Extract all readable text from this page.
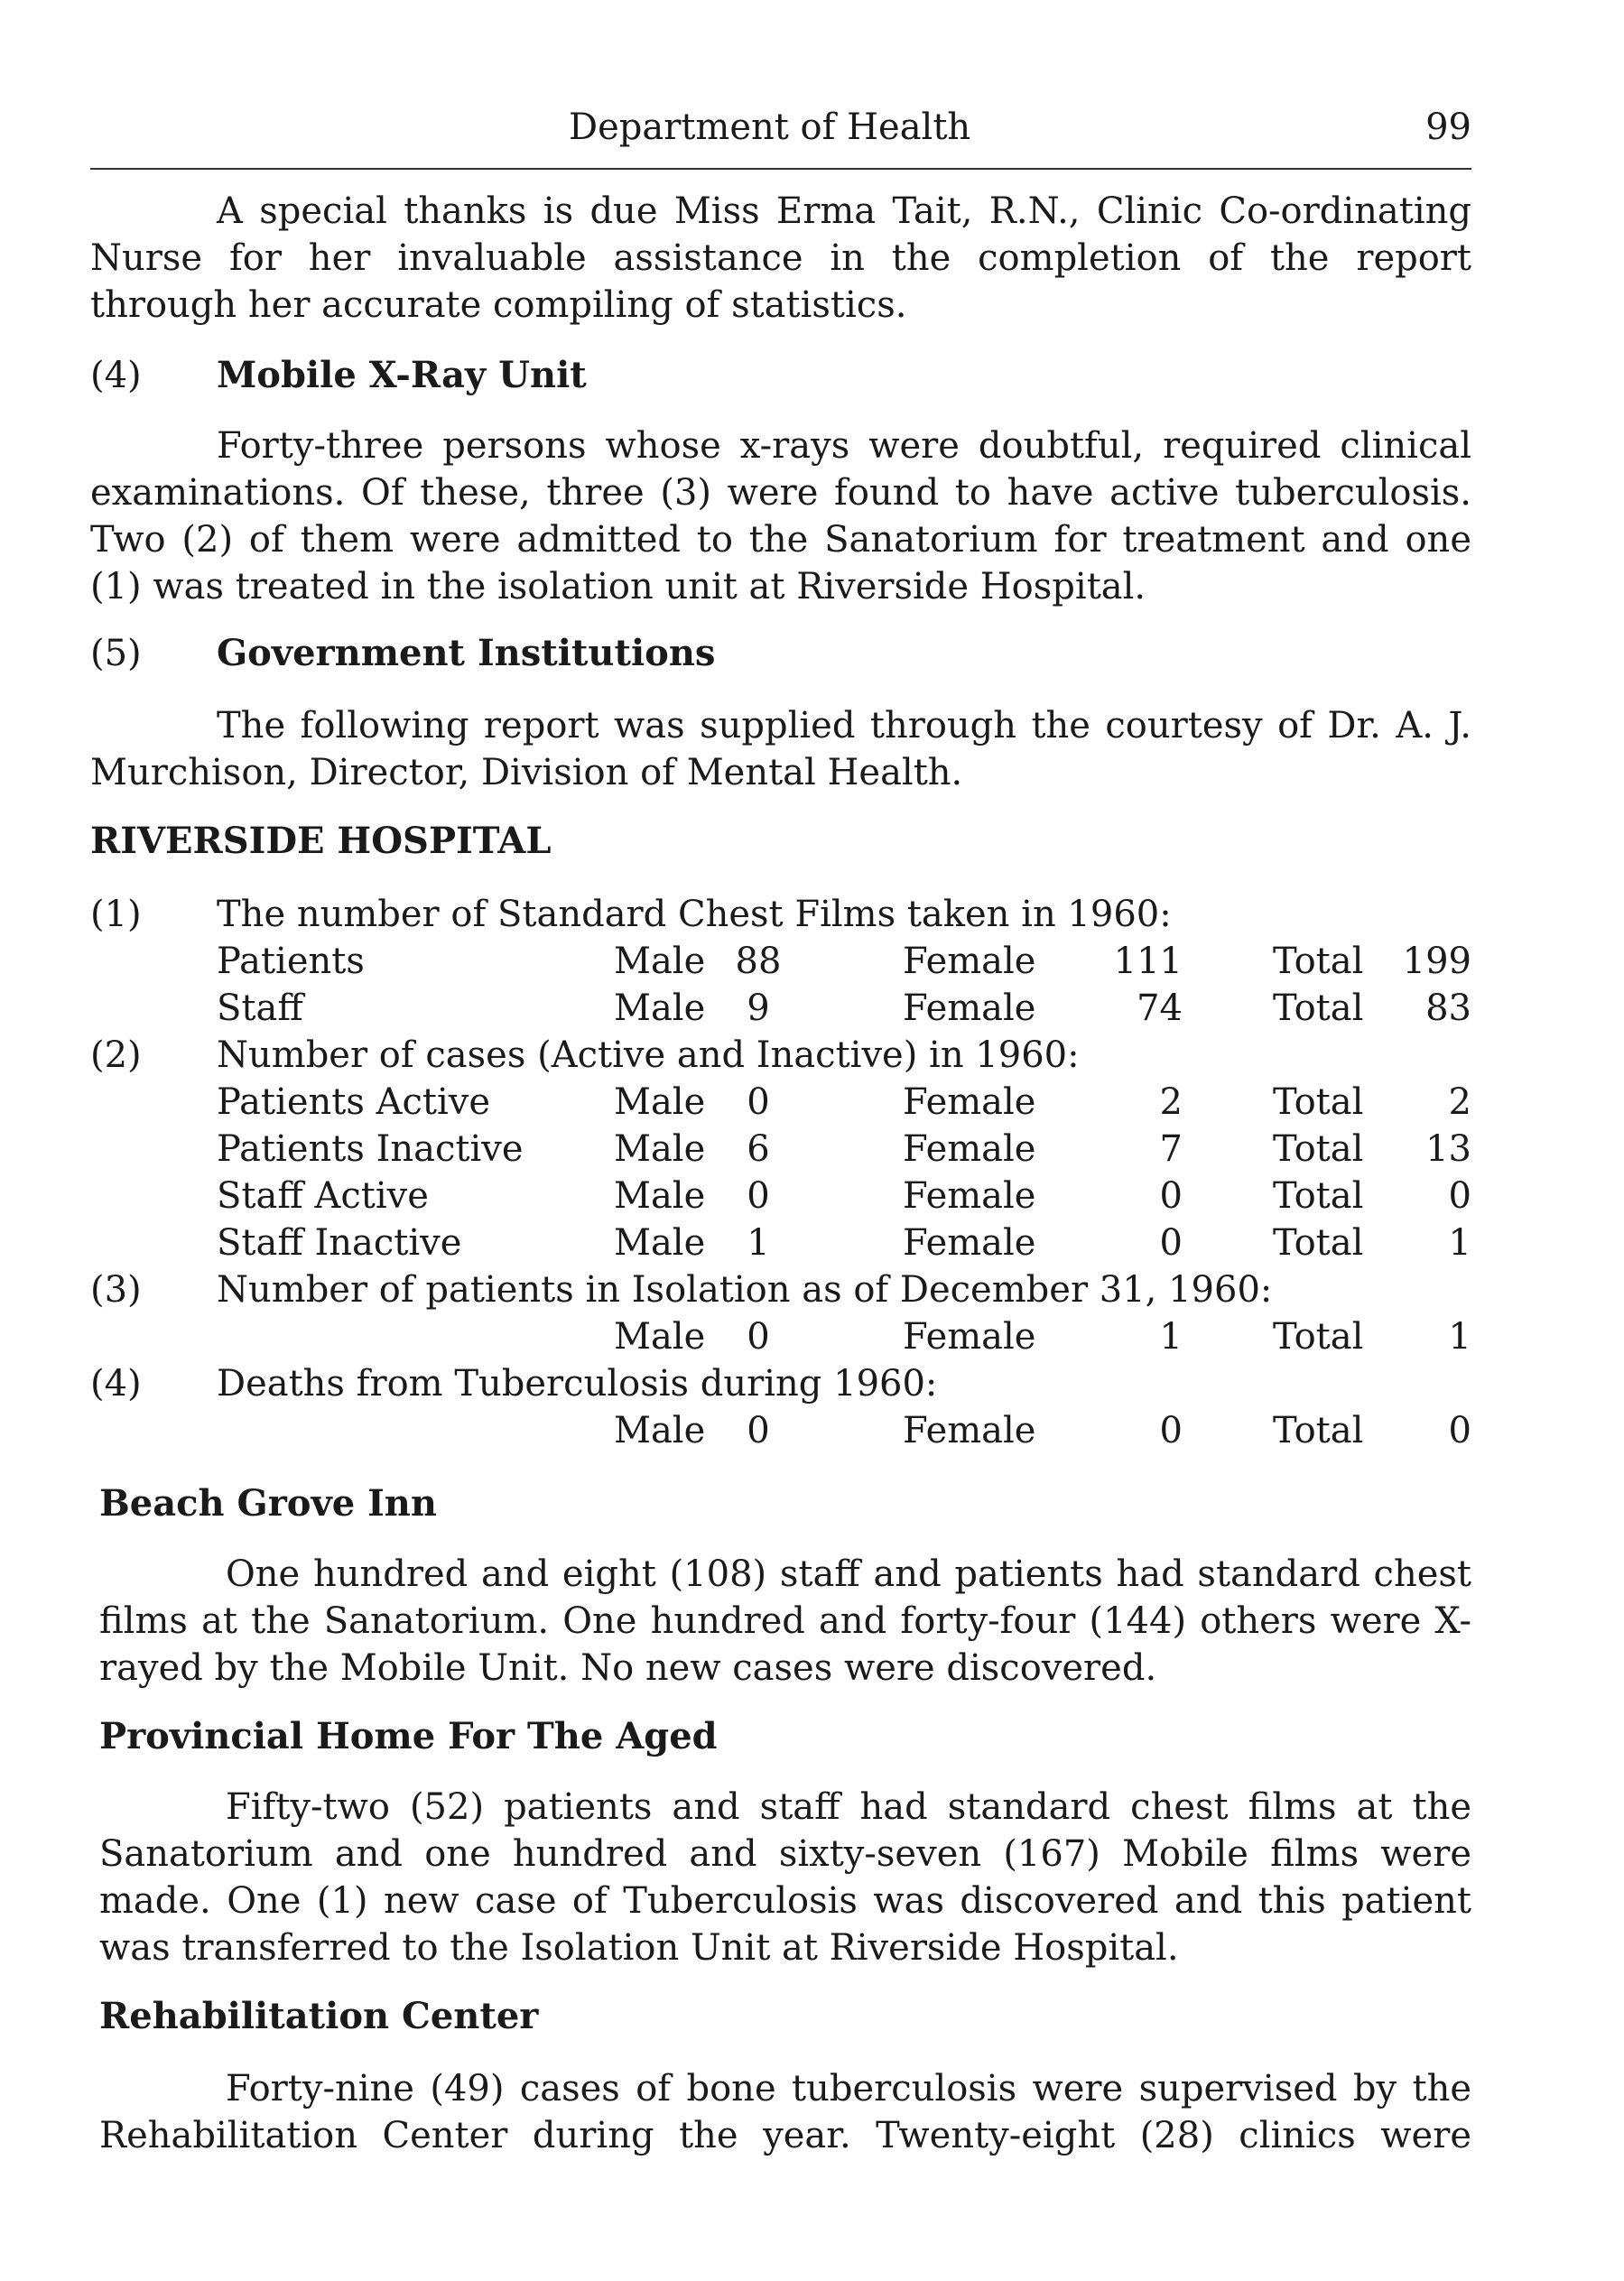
Department of Health	99
A special thanks is due Miss Erma Tait, R.N., Clinic Co-ordinating Nurse for her invaluable assistance in the completion of the report through her accurate compiling of statistics.
(4) Mobile X-Ray Unit
Forty-three persons whose x-rays were doubtful, required clinical examinations. Of these, three (3) were found to have active tuberculosis. Two (2) of them were admitted to the Sanatorium for treatment and one (1) was treated in the isolation unit at Riverside Hospital.
(5) Government Institutions
The following report was supplied through the courtesy of Dr. A. J. Murchison, Director, Division of Mental Health.
RIVERSIDE HOSPITAL
(1) The number of Standard Chest Films taken in 1960:
Patients	Male 88	Female	111	Total	199
Staff	Male	9	Female	74	Total	83
(2) Number of cases (Active and Inactive) in 1960:
Patients Active	Male	0	Female	2	Total	2
Patients Inactive	Male	6	Female	7	Total	13
Staff Active	Male	0	Female	0	Total	0
Staff Inactive	Male	1	Female	0	Total	1
(3) Number of patients in Isolation as of December 31, 1960:
Male	0	Female	1	Total	1
(4) Deaths from Tuberculosis during 1960:
Male	0	Female	0	Total	0
Beach Grove Inn
One hundred and eight (108) staff and patients had standard chest films at the Sanatorium. One hundred and forty-four (144) others were X-rayed by the Mobile Unit. No new cases were discovered.
Provincial Home For The Aged
Fifty-two (52) patients and staff had standard chest films at the Sanatorium and one hundred and sixty-seven (167) Mobile films were made. One (1) new case of Tuberculosis was discovered and this patient was transferred to the Isolation Unit at Riverside Hospital.
Rehabilitation Center
Forty-nine (49) cases of bone tuberculosis were supervised by the Rehabilitation Center during the year. Twenty-eight (28) clinics were
